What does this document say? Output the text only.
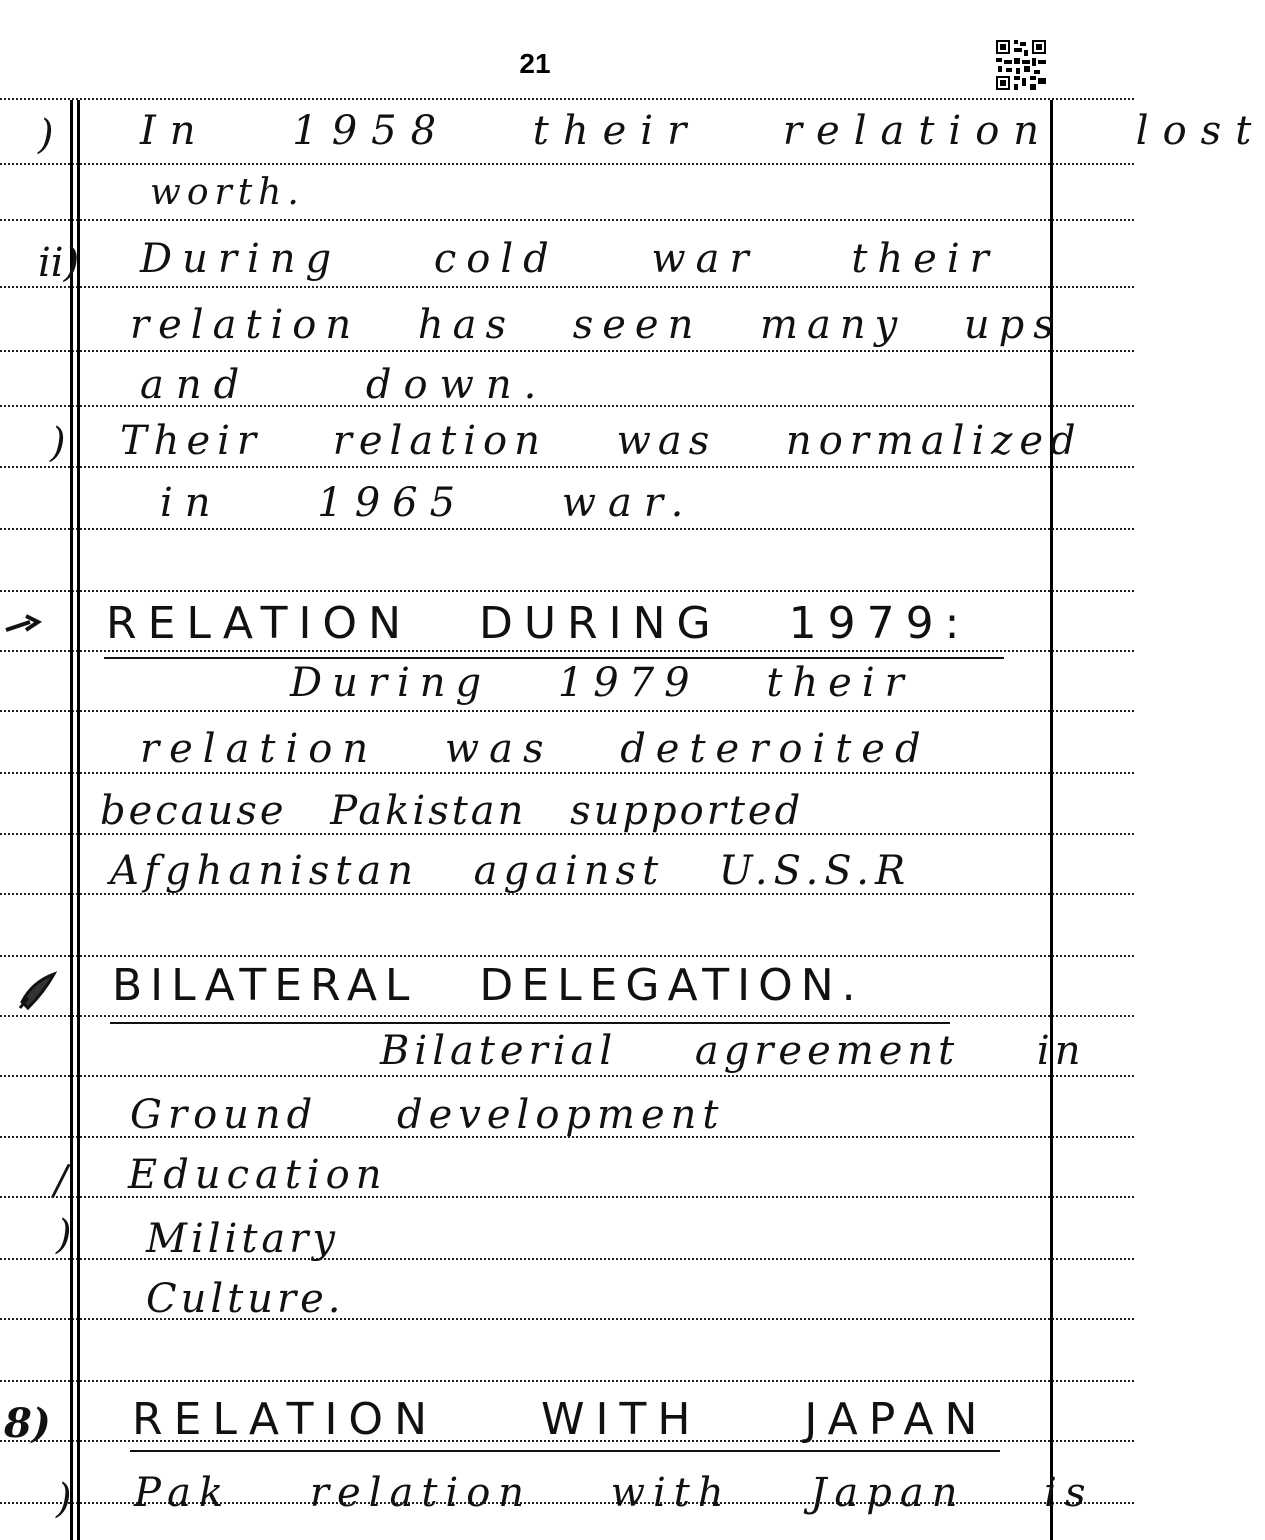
21
) In 1958 their relation lost
worth.
ii) During cold war their
relation has seen many ups
and down.
) Their relation was normalized
in 1965 war.
RELATION DURING 1979:
During 1979 their
relation was deteroited
because Pakistan supported
Afghanistan against U.S.S.R
BILATERAL DELEGATION.
Bilaterial agreement in
Ground development
/ Education
) Military
Culture.
8) RELATION WITH JAPAN
) Pak relation with Japan is
